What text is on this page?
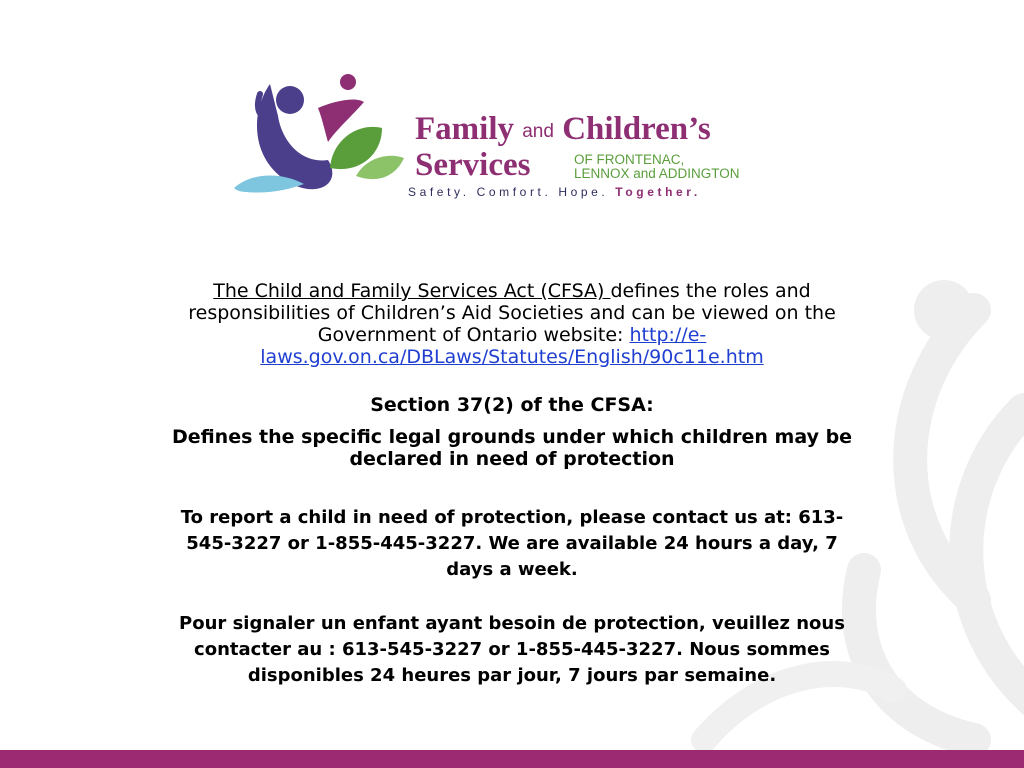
Family and Children’s
Services	OF FRONTENAC,
LENNOX and ADDINGTON
Safety. Comfort. Hope. Together.

The Child and Family Services Act (CFSA) defines the roles and responsibilities of Children’s Aid Societies and can be viewed on the Government of Ontario website: http://e-laws.gov.on.ca/DBLaws/Statutes/English/90c11e.htm

Section 37(2) of the CFSA:

Defines the specific legal grounds under which children may be declared in need of protection

To report a child in need of protection, please contact us at: 613-545-3227 or 1-855-445-3227. We are available 24 hours a day, 7 days a week.

Pour signaler un enfant ayant besoin de protection, veuillez nous contacter au : 613-545-3227 or 1-855-445-3227. Nous sommes disponibles 24 heures par jour, 7 jours par semaine.
